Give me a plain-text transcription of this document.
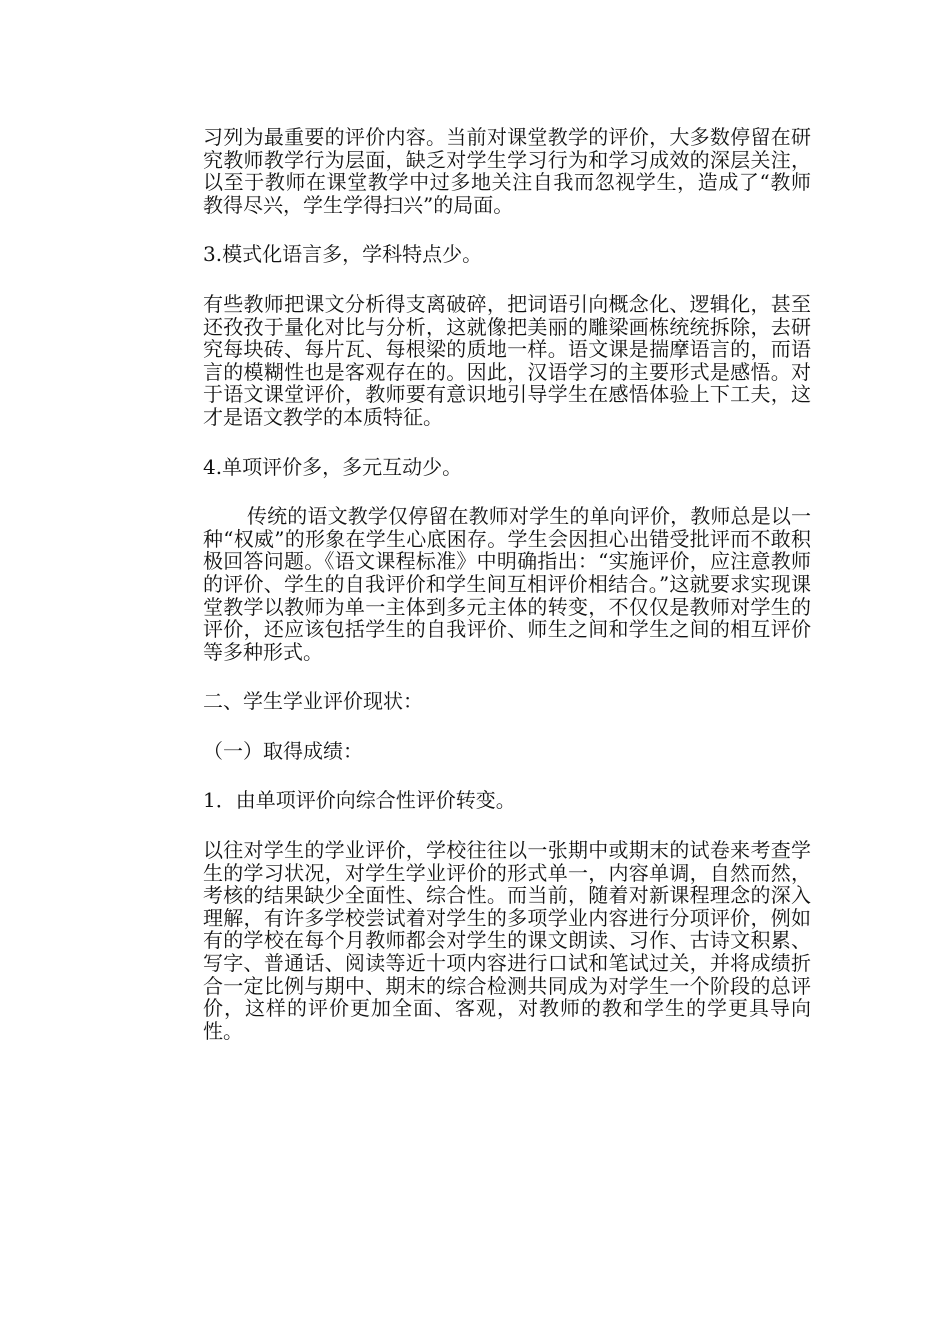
习列为最重要的评价内容。当前对课堂教学的评价，大多数停留在研究教师教学行为层面，缺乏对学生学习行为和学习成效的深层关注，以至于教师在课堂教学中过多地关注自我而忽视学生，造成了“教师教得尽兴，学生学得扫兴”的局面。

3.模式化语言多，学科特点少。

有些教师把课文分析得支离破碎，把词语引向概念化、逻辑化，甚至还孜孜于量化对比与分析，这就像把美丽的雕梁画栋统统拆除，去研究每块砖、每片瓦、每根梁的质地一样。语文课是揣摩语言的，而语言的模糊性也是客观存在的。因此，汉语学习的主要形式是感悟。对于语文课堂评价，教师要有意识地引导学生在感悟体验上下工夫，这才是语文教学的本质特征。

4.单项评价多，多元互动少。

传统的语文教学仅停留在教师对学生的单向评价，教师总是以一种“权威”的形象在学生心底困存。学生会因担心出错受批评而不敢积极回答问题。《语文课程标准》中明确指出：“实施评价，应注意教师的评价、学生的自我评价和学生间互相评价相结合。”这就要求实现课堂教学以教师为单一主体到多元主体的转变，不仅仅是教师对学生的评价，还应该包括学生的自我评价、师生之间和学生之间的相互评价等多种形式。

二、学生学业评价现状：

（一）取得成绩：

1．由单项评价向综合性评价转变。

以往对学生的学业评价，学校往往以一张期中或期末的试卷来考查学生的学习状况，对学生学业评价的形式单一，内容单调，自然而然，考核的结果缺少全面性、综合性。而当前，随着对新课程理念的深入理解，有许多学校尝试着对学生的多项学业内容进行分项评价，例如有的学校在每个月教师都会对学生的课文朗读、习作、古诗文积累、写字、普通话、阅读等近十项内容进行口试和笔试过关，并将成绩折合一定比例与期中、期末的综合检测共同成为对学生一个阶段的总评价，这样的评价更加全面、客观，对教师的教和学生的学更具导向性。
